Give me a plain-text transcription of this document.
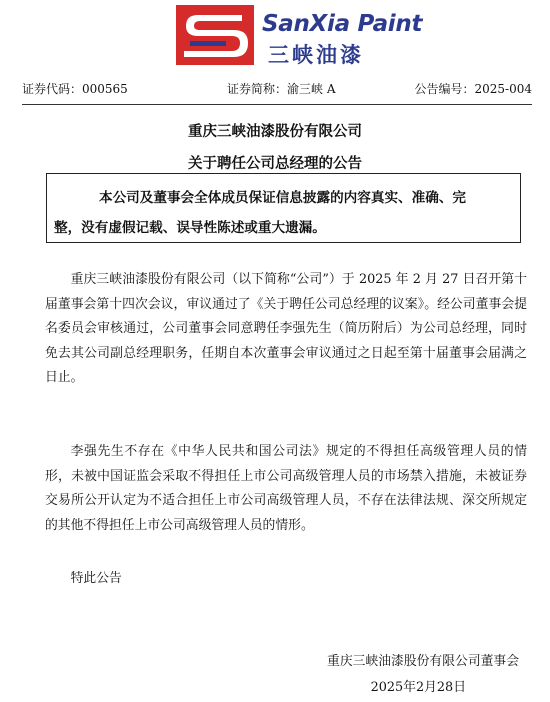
SanXia Paint
三峡油漆
证券代码：000565	证券简称：渝三峡 A	公告编号：2025-004
重庆三峡油漆股份有限公司
关于聘任公司总经理的公告
本公司及董事会全体成员保证信息披露的内容真实、准确、完
整，没有虚假记载、误导性陈述或重大遗漏。

重庆三峡油漆股份有限公司（以下简称“公司”）于 2025 年 2 月 27 日召开第十届董事会第十四次会议，审议通过了《关于聘任公司总经理的议案》。经公司董事会提名委员会审核通过，公司董事会同意聘任李强先生（简历附后）为公司总经理，同时免去其公司副总经理职务，任期自本次董事会审议通过之日起至第十届董事会届满之日止。

李强先生不存在《中华人民共和国公司法》规定的不得担任高级管理人员的情形，未被中国证监会采取不得担任上市公司高级管理人员的市场禁入措施，未被证券交易所公开认定为不适合担任上市公司高级管理人员，不存在法律法规、深交所规定的其他不得担任上市公司高级管理人员的情形。

特此公告

重庆三峡油漆股份有限公司董事会
2025年2月28日
